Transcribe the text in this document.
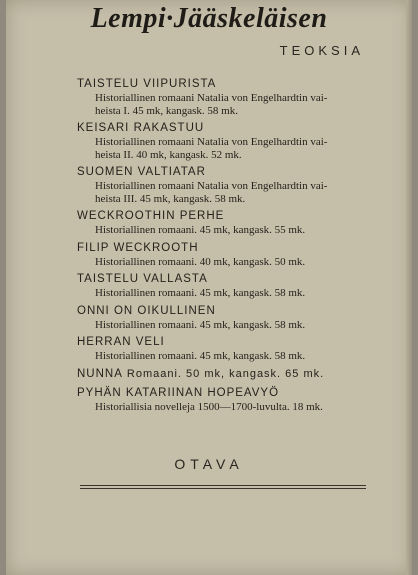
Lempi·Jääskeläisen
TEOKSIA
TAISTELU VIIPURISTA
Historiallinen romaani Natalia von Engelhardtin vai-
heista I. 45 mk, kangask. 58 mk.
KEISARI RAKASTUU
Historiallinen romaani Natalia von Engelhardtin vai-
heista II. 40 mk, kangask. 52 mk.
SUOMEN VALTIATAR
Historiallinen romaani Natalia von Engelhardtin vai-
heista III. 45 mk, kangask. 58 mk.
WECKROOTHIN PERHE
Historiallinen romaani. 45 mk, kangask. 55 mk.
FILIP WECKROOTH
Historiallinen romaani. 40 mk, kangask. 50 mk.
TAISTELU VALLASTA
Historiallinen romaani. 45 mk, kangask. 58 mk.
ONNI ON OIKULLINEN
Historiallinen romaani. 45 mk, kangask. 58 mk.
HERRAN VELI
Historiallinen romaani. 45 mk, kangask. 58 mk.
NUNNA Romaani. 50 mk, kangask. 65 mk.
PYHÄN KATARIINAN HOPEAVYÖ
Historiallisia novelleja 1500—1700-luvulta. 18 mk.
OTAVA
